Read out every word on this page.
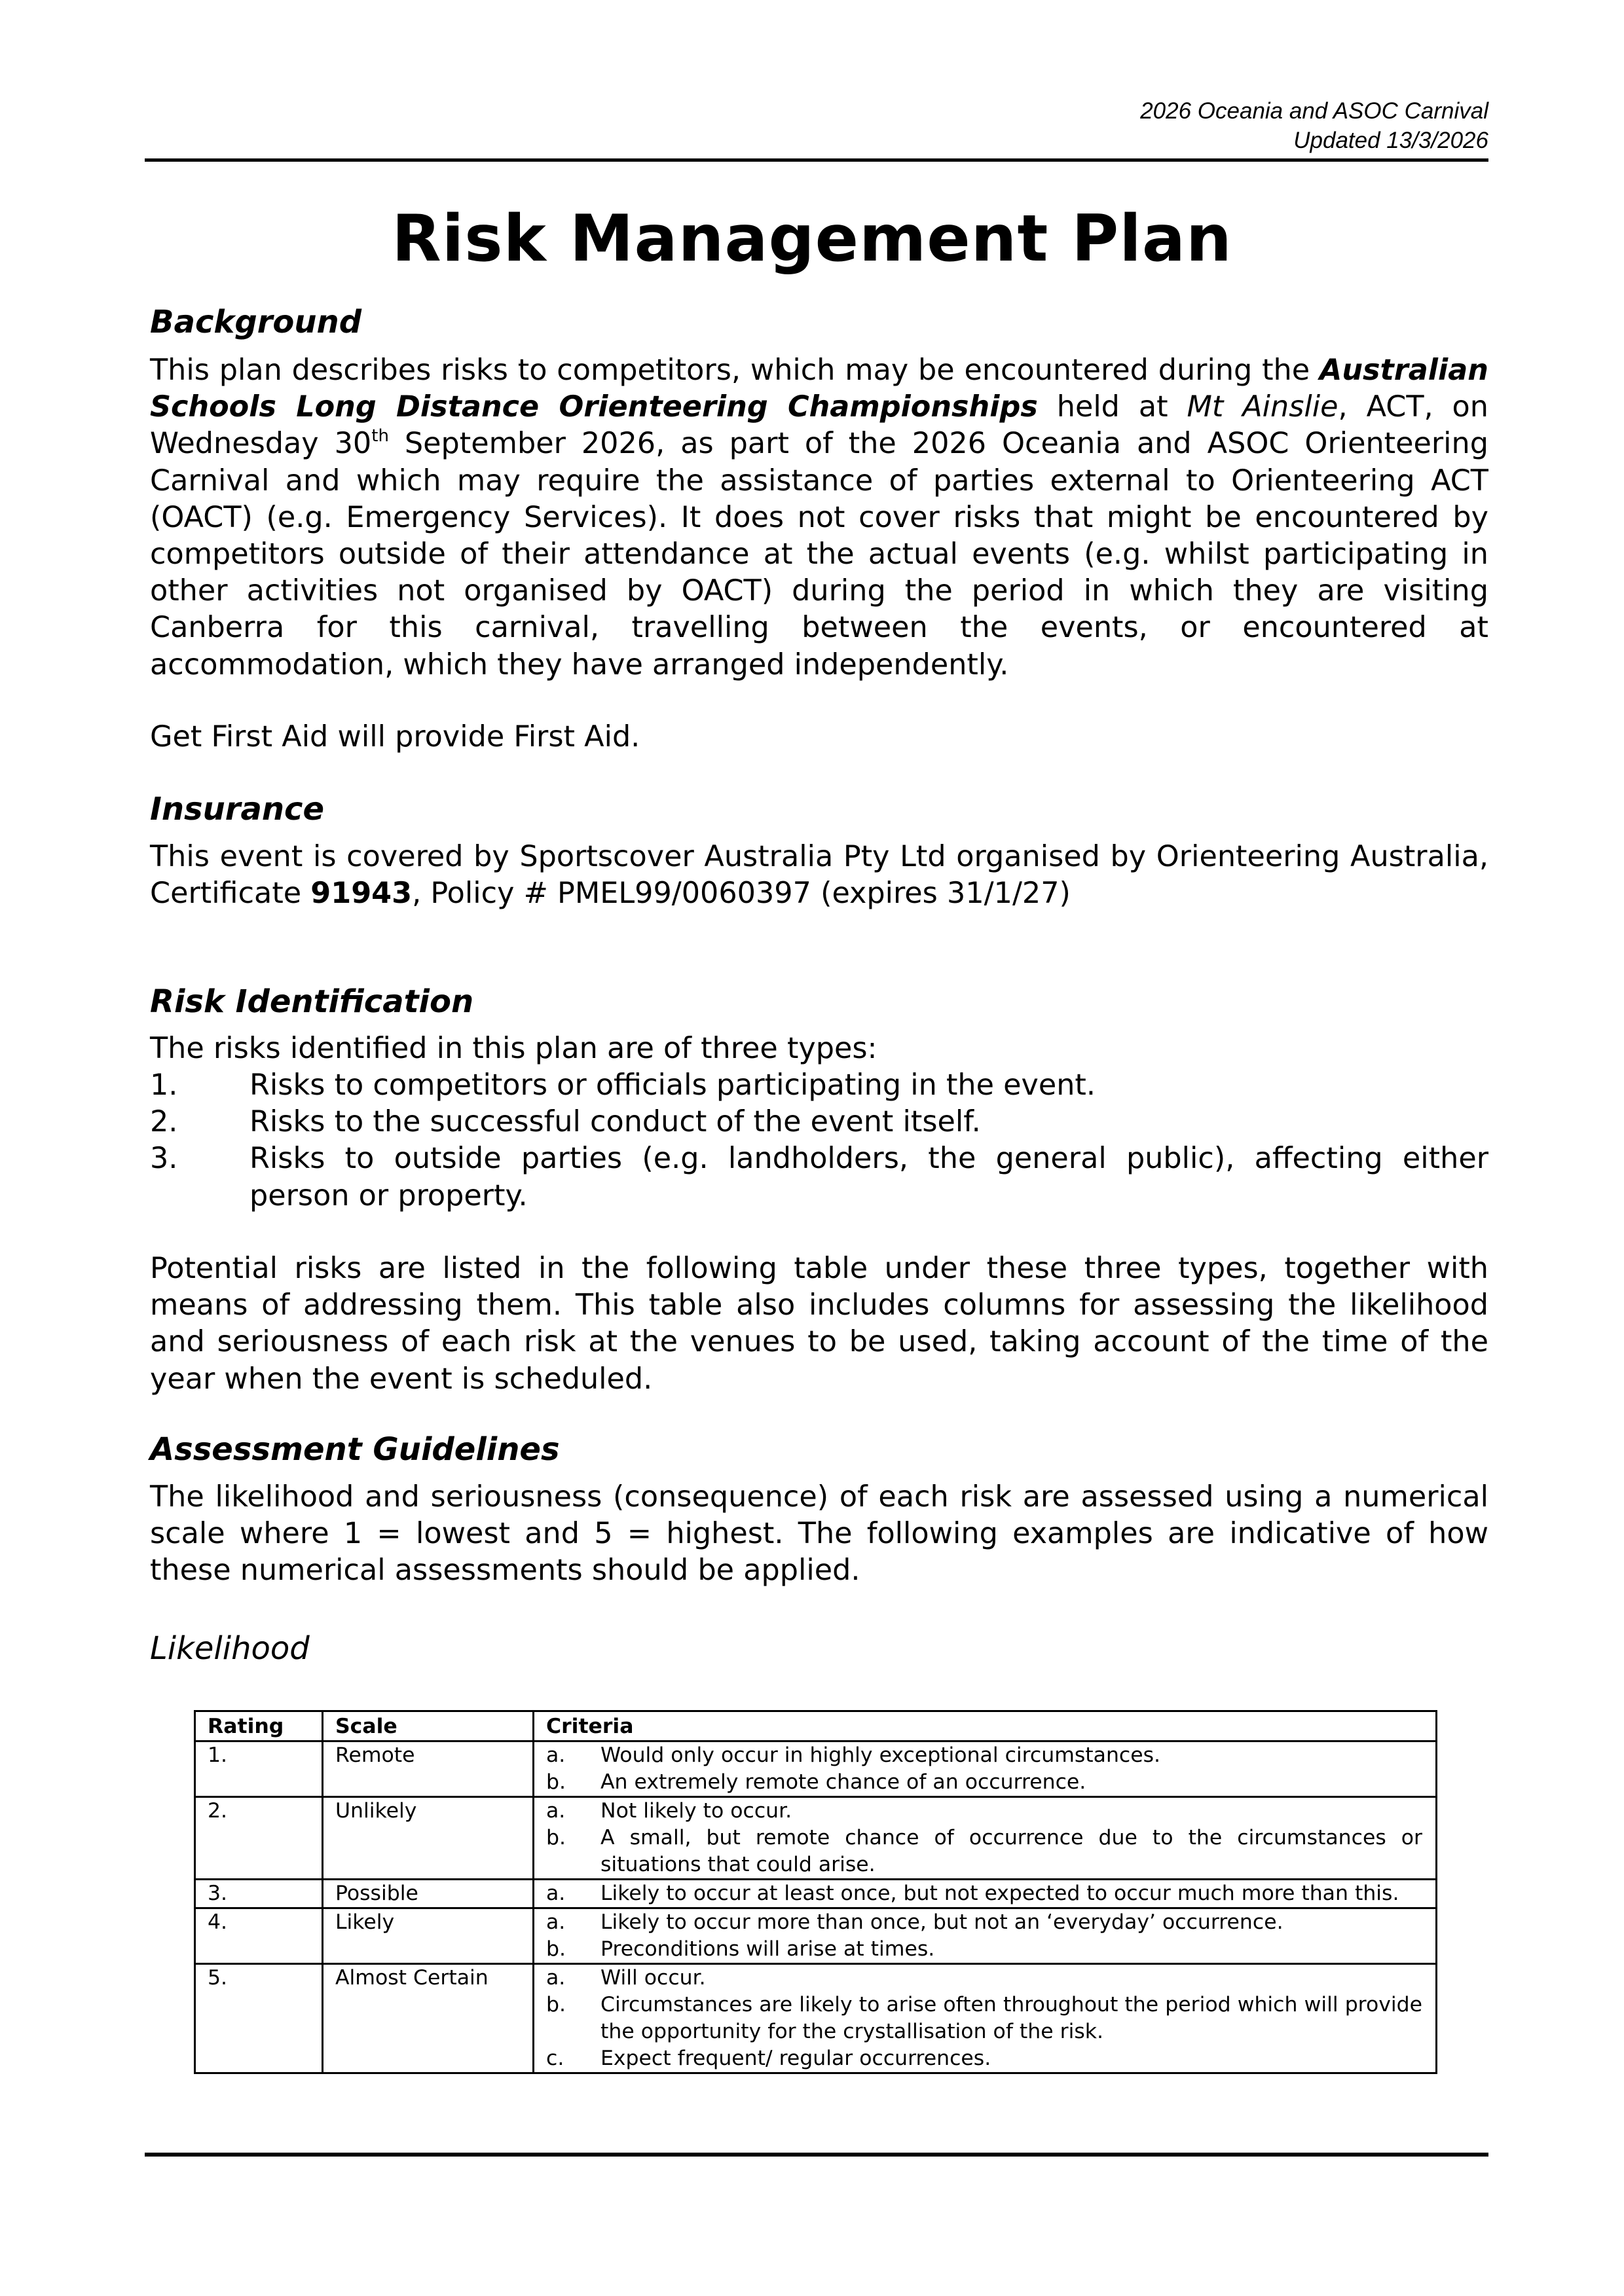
2026 Oceania and ASOC Carnival
Updated 13/3/2026
Risk Management Plan
Background
This plan describes risks to competitors, which may be encountered during the Australian Schools Long Distance Orienteering Championships held at Mt Ainslie, ACT, on Wednesday 30th September 2026, as part of the 2026 Oceania and ASOC Orienteering Carnival and which may require the assistance of parties external to Orienteering ACT (OACT) (e.g. Emergency Services). It does not cover risks that might be encountered by competitors outside of their attendance at the actual events (e.g. whilst participating in other activities not organised by OACT) during the period in which they are visiting Canberra for this carnival, travelling between the events, or encountered at accommodation, which they have arranged independently.
Get First Aid will provide First Aid.
Insurance
This event is covered by Sportscover Australia Pty Ltd organised by Orienteering Australia, Certificate 91943, Policy # PMEL99/0060397 (expires 31/1/27)
Risk Identification
The risks identified in this plan are of three types:
1.	Risks to competitors or officials participating in the event.
2.	Risks to the successful conduct of the event itself.
3.	Risks to outside parties (e.g. landholders, the general public), affecting either person or property.
Potential risks are listed in the following table under these three types, together with means of addressing them. This table also includes columns for assessing the likelihood and seriousness of each risk at the venues to be used, taking account of the time of the year when the event is scheduled.
Assessment Guidelines
The likelihood and seriousness (consequence) of each risk are assessed using a numerical scale where 1 = lowest and 5 = highest. The following examples are indicative of how these numerical assessments should be applied.
Likelihood
Rating	Scale	Criteria
1.	Remote	a. Would only occur in highly exceptional circumstances.
b. An extremely remote chance of an occurrence.

2.	Unlikely	a. Not likely to occur.
b. A small, but remote chance of occurrence due to the circumstances or situations that could arise.

3.	Possible	a. Likely to occur at least once, but not expected to occur much more than this.

4.	Likely	a. Likely to occur more than once, but not an ‘everyday’ occurrence.
b. Preconditions will arise at times.

5.	Almost Certain	a.	Will occur.
b.	Circumstances are likely to arise often throughout the period which will provide the opportunity for the crystallisation of the risk.
c.	Expect frequent/ regular occurrences.
